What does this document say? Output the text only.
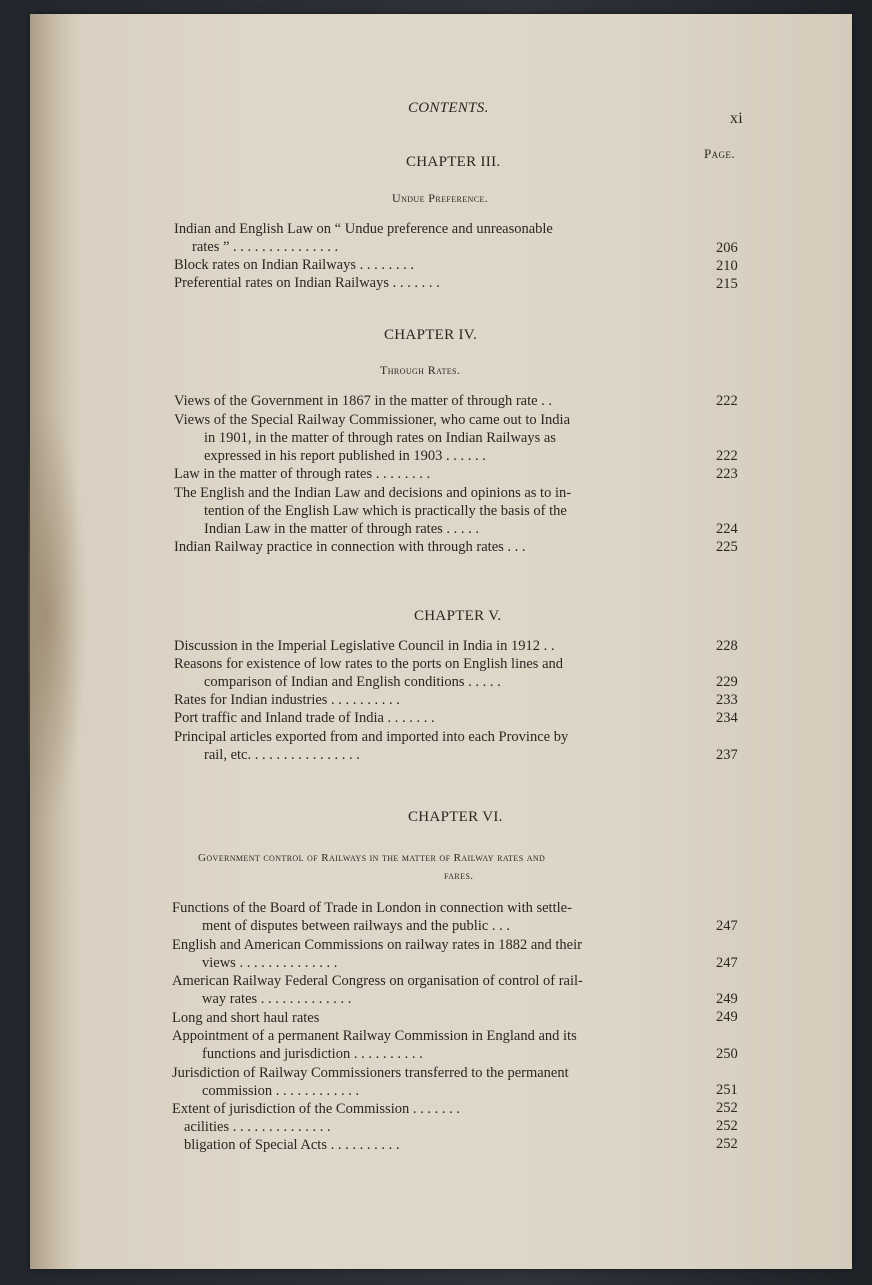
CONTENTS.
xi
Page.
CHAPTER III.
Undue Preference.
Indian and English Law on “ Undue preference and unreasonable
rates ” . . . . . . . . . . . . . . .	206
Block rates on Indian Railways . . . . . . . .	210
Preferential rates on Indian Railways . . . . . . .	215
CHAPTER IV.
Through Rates.
Views of the Government in 1867 in the matter of through rate . .	222
Views of the Special Railway Commissioner, who came out to India
in 1901, in the matter of through rates on Indian Railways as
expressed in his report published in 1903 . . . . . .	222
Law in the matter of through rates . . . . . . . .	223
The English and the Indian Law and decisions and opinions as to in-
tention of the English Law which is practically the basis of the
Indian Law in the matter of through rates . . . . .	224
Indian Railway practice in connection with through rates . . .	225
CHAPTER V.
Discussion in the Imperial Legislative Council in India in 1912 . .	228
Reasons for existence of low rates to the ports on English lines and
comparison of Indian and English conditions . . . . .	229
Rates for Indian industries . . . . . . . . . .	233
Port traffic and Inland trade of India . . . . . . .	234
Principal articles exported from and imported into each Province by
rail, etc. . . . . . . . . . . . . . . .	237
CHAPTER VI.
Government control of Railways in the matter of Railway rates and
fares.
Functions of the Board of Trade in London in connection with settle-
ment of disputes between railways and the public . . .	247
English and American Commissions on railway rates in 1882 and their
views . . . . . . . . . . . . . .	247
American Railway Federal Congress on organisation of control of rail-
way rates . . . . . . . . . . . . .	249
Long and short haul rates	249
Appointment of a permanent Railway Commission in England and its
functions and jurisdiction . . . . . . . . . .	250
Jurisdiction of Railway Commissioners transferred to the permanent
commission . . . . . . . . . . . .	251
Extent of jurisdiction of the Commission . . . . . . .	252
acilities . . . . . . . . . . . . . .	252
bligation of Special Acts . . . . . . . . . .	252
